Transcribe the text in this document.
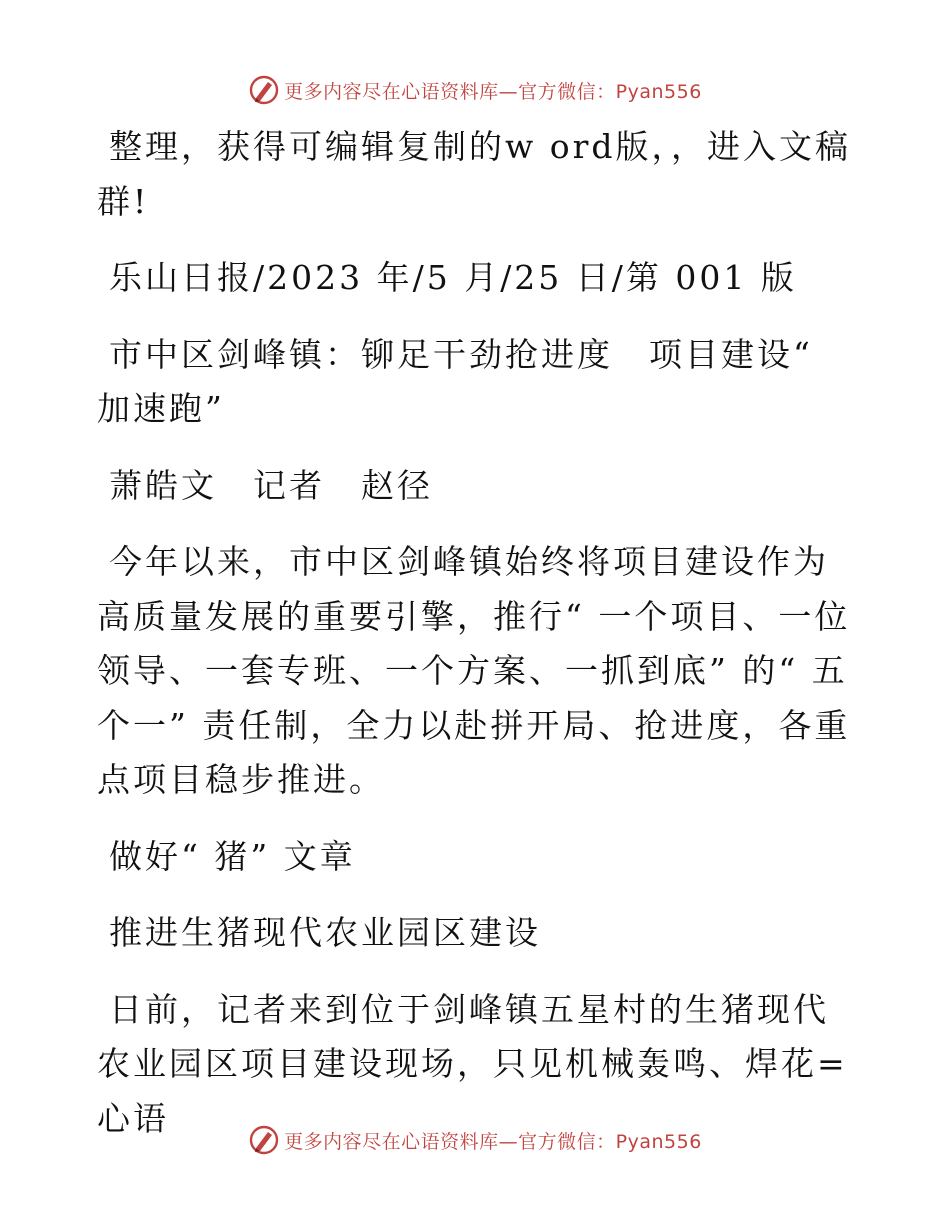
更多内容尽在心语资料库—官方微信：Pyan556

整理，获得可编辑复制的w ord版，，进入文稿群!

乐山日报/2023 年/5 月/25 日/第 001 版

市中区剑峰镇：铆足干劲抢进度　项目建设“ 加速跑”

萧皓文　记者　赵径

今年以来，市中区剑峰镇始终将项目建设作为高质量发展的重要引擎，推行“ 一个项目、一位领导、一套专班、一个方案、一抓到底” 的“ 五个一” 责任制，全力以赴拼开局、抢进度，各重点项目稳步推进。

做好“ 猪” 文章

推进生猪现代农业园区建设

日前，记者来到位于剑峰镇五星村的生猪现代农业园区项目建设现场，只见机械轰鸣、焊花=心语

更多内容尽在心语资料库—官方微信：Pyan556
